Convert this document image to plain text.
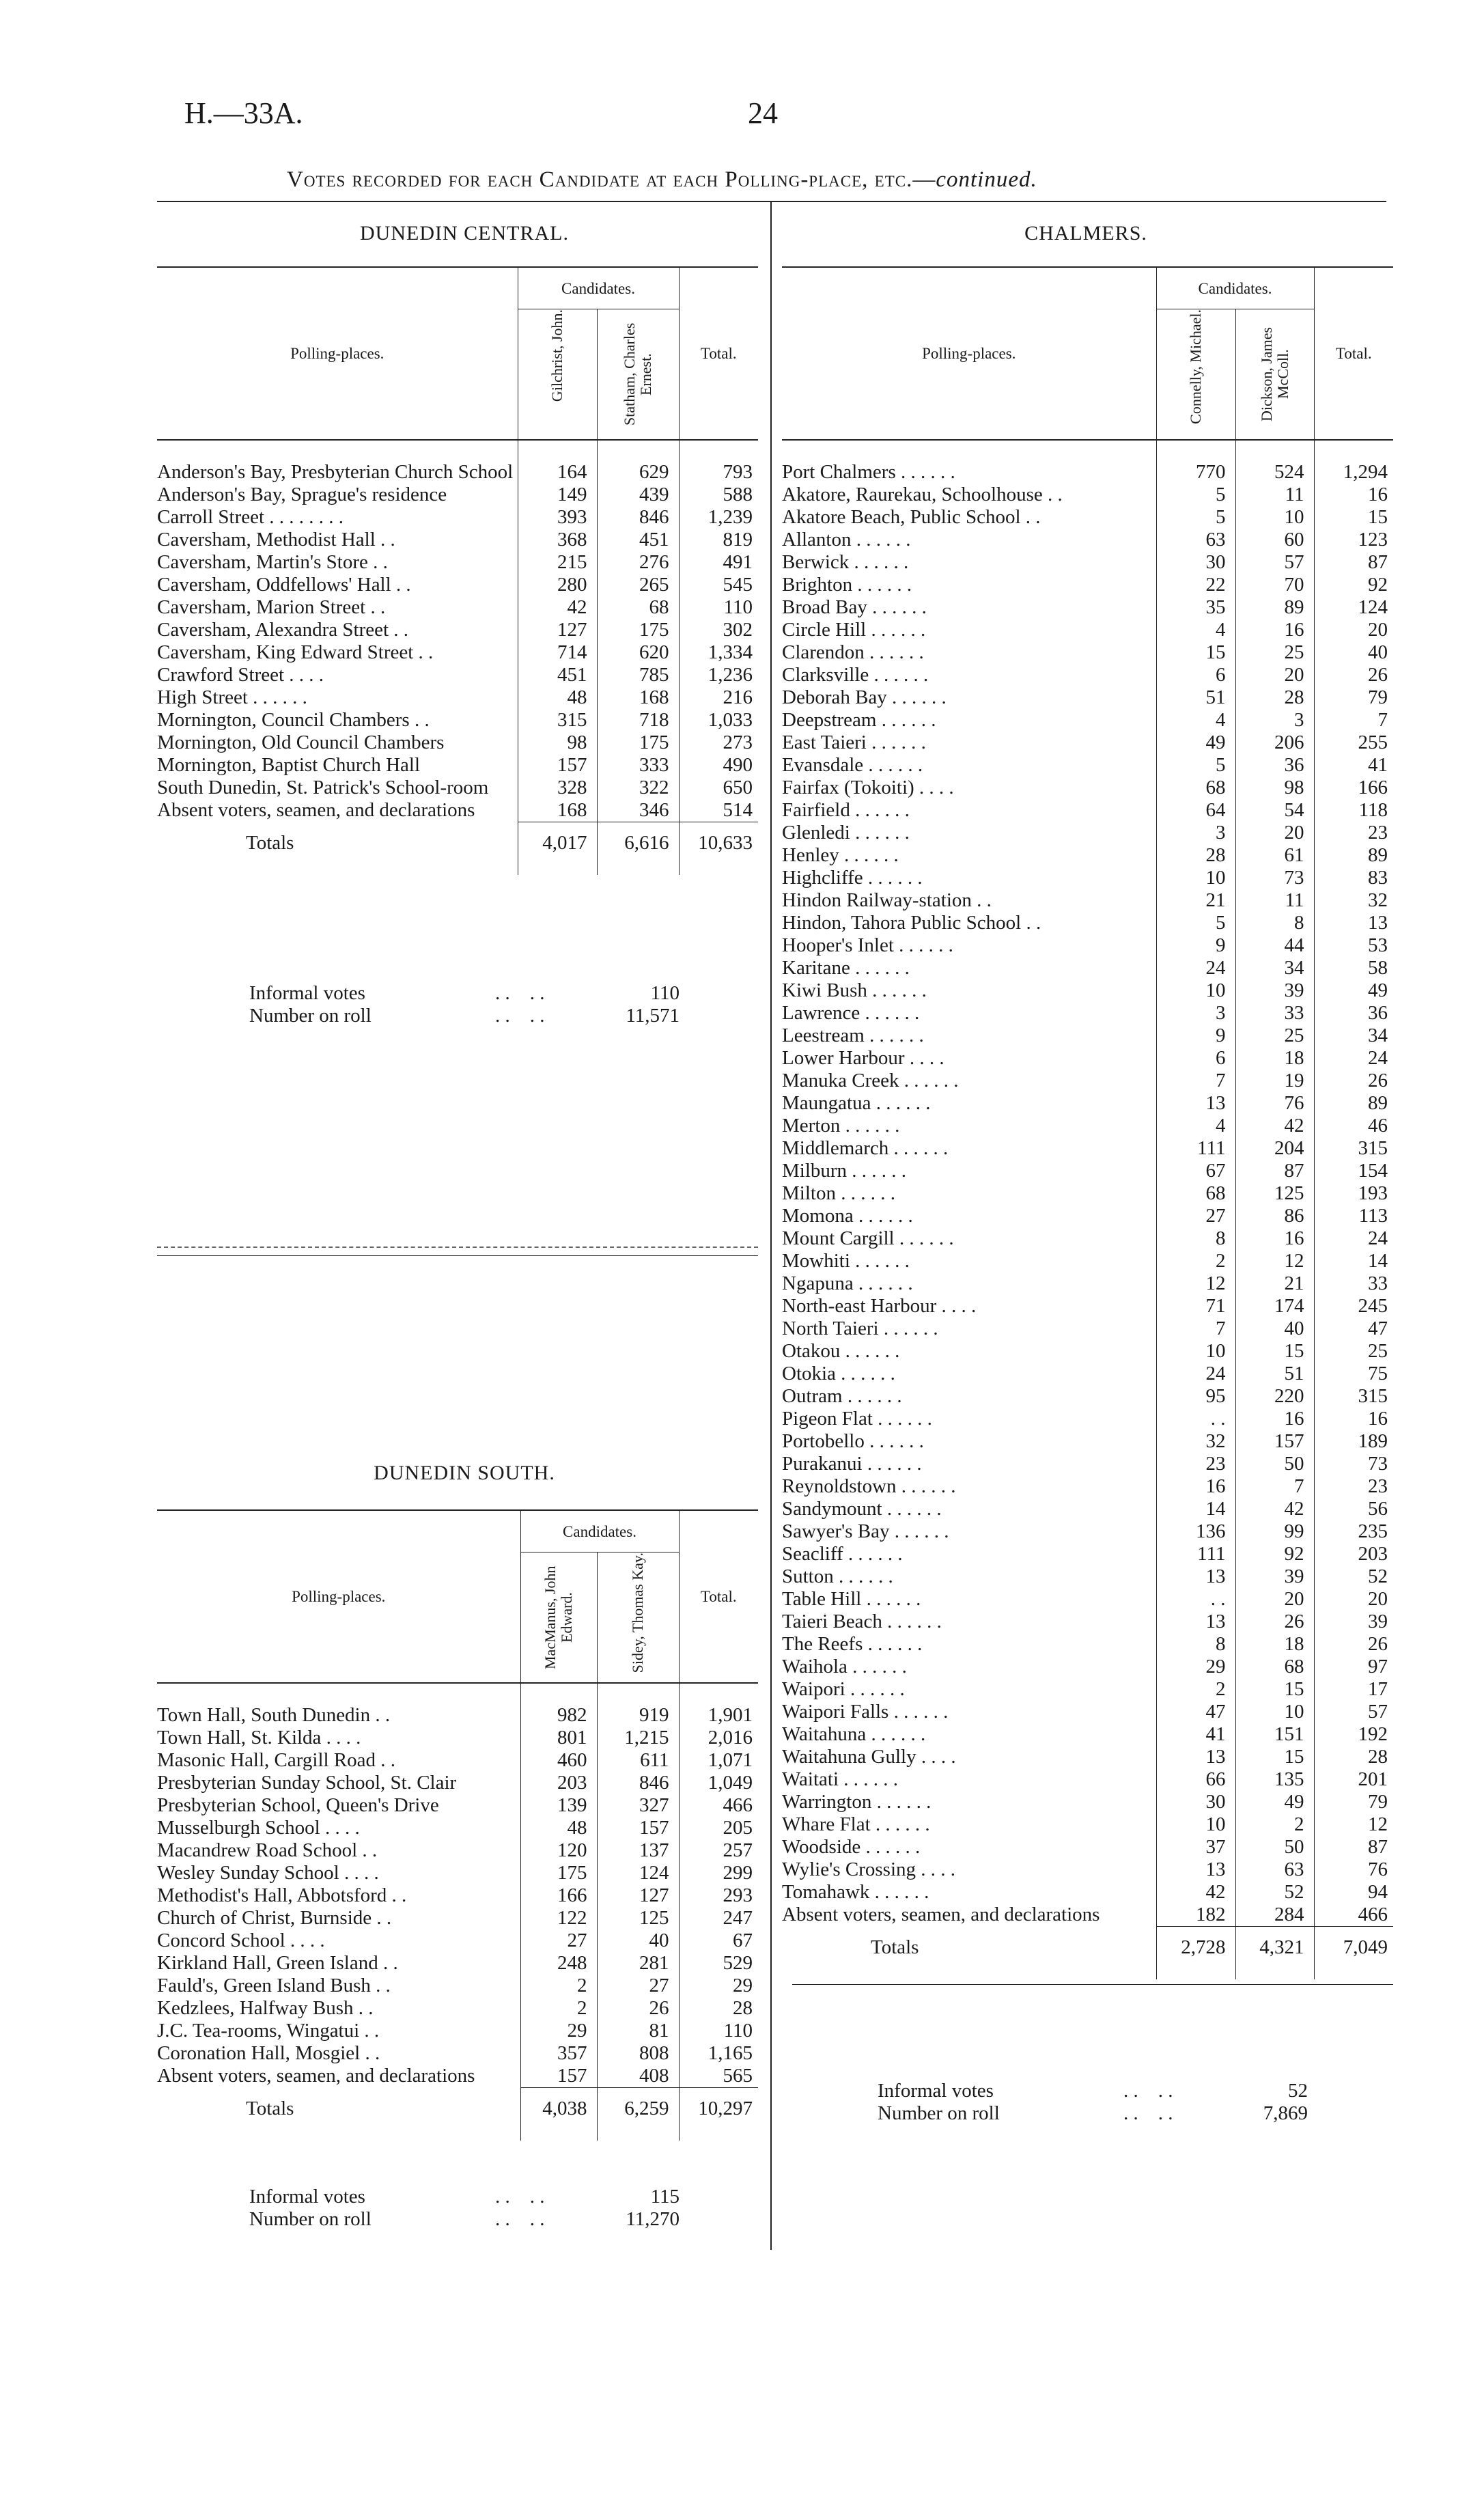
H.—33A.	24
Votes recorded for each Candidate at each Polling-place, etc.—continued.
DUNEDIN CENTRAL.
Polling-places.	Candidates.		Total.

	Gilchrist, John.	Statham, Charles Ernest.	

Anderson's Bay, Presbyterian Church School	164	629	793
Anderson's Bay, Sprague's residence	149	439	588
Carroll Street . . . . . . . .	393	846	1,239
Caversham, Methodist Hall . .	368	451	819
Caversham, Martin's Store . .	215	276	491
Caversham, Oddfellows' Hall . .	280	265	545
Caversham, Marion Street . .	42	68	110
Caversham, Alexandra Street . .	127	175	302
Caversham, King Edward Street . .	714	620	1,334
Crawford Street . . . .	451	785	1,236
High Street . . . . . .	48	168	216
Mornington, Council Chambers . .	315	718	1,033
Mornington, Old Council Chambers	98	175	273
Mornington, Baptist Church Hall	157	333	490
South Dunedin, St. Patrick's School-room	328	322	650
Absent voters, seamen, and declarations	168	346	514
Totals	4,017	6,616	10,633
Informal votes	. .    . .	110
Number on roll	. .    . .	11,571
DUNEDIN SOUTH.
Polling-places.	Candidates.		Total.

	MacManus, John Edward.	Sidey, Thomas Kay.	

Town Hall, South Dunedin . .	982	919	1,901
Town Hall, St. Kilda . . . .	801	1,215	2,016
Masonic Hall, Cargill Road . .	460	611	1,071
Presbyterian Sunday School, St. Clair	203	846	1,049
Presbyterian School, Queen's Drive	139	327	466
Musselburgh School . . . .	48	157	205
Macandrew Road School . .	120	137	257
Wesley Sunday School . . . .	175	124	299
Methodist's Hall, Abbotsford . .	166	127	293
Church of Christ, Burnside . .	122	125	247
Concord School . . . .	27	40	67
Kirkland Hall, Green Island . .	248	281	529
Fauld's, Green Island Bush . .	2	27	29
Kedzlees, Halfway Bush . .	2	26	28
J.C. Tea-rooms, Wingatui . .	29	81	110
Coronation Hall, Mosgiel . .	357	808	1,165
Absent voters, seamen, and declarations	157	408	565
Totals	4,038	6,259	10,297
Informal votes	. .    . .	115
Number on roll	. .    . .	11,270
CHALMERS.
Polling-places.	Candidates.		Total.

	Connelly, Michael.	Dickson, James McColl.	

Port Chalmers . . . . . .	770	524	1,294
Akatore, Raurekau, Schoolhouse . .	5	11	16
Akatore Beach, Public School . .	5	10	15
Allanton . . . . . .	63	60	123
Berwick . . . . . .	30	57	87
Brighton . . . . . .	22	70	92
Broad Bay . . . . . .	35	89	124
Circle Hill . . . . . .	4	16	20
Clarendon . . . . . .	15	25	40
Clarksville . . . . . .	6	20	26
Deborah Bay . . . . . .	51	28	79
Deepstream . . . . . .	4	3	7
East Taieri . . . . . .	49	206	255
Evansdale . . . . . .	5	36	41
Fairfax (Tokoiti) . . . .	68	98	166
Fairfield . . . . . .	64	54	118
Glenledi . . . . . .	3	20	23
Henley . . . . . .	28	61	89
Highcliffe . . . . . .	10	73	83
Hindon Railway-station . .	21	11	32
Hindon, Tahora Public School . .	5	8	13
Hooper's Inlet . . . . . .	9	44	53
Karitane . . . . . .	24	34	58
Kiwi Bush . . . . . .	10	39	49
Lawrence . . . . . .	3	33	36
Leestream . . . . . .	9	25	34
Lower Harbour . . . .	6	18	24
Manuka Creek . . . . . .	7	19	26
Maungatua . . . . . .	13	76	89
Merton . . . . . .	4	42	46
Middlemarch . . . . . .	111	204	315
Milburn . . . . . .	67	87	154
Milton . . . . . .	68	125	193
Momona . . . . . .	27	86	113
Mount Cargill . . . . . .	8	16	24
Mowhiti . . . . . .	2	12	14
Ngapuna . . . . . .	12	21	33
North-east Harbour . . . .	71	174	245
North Taieri . . . . . .	7	40	47
Otakou . . . . . .	10	15	25
Otokia . . . . . .	24	51	75
Outram . . . . . .	95	220	315
Pigeon Flat . . . . . .	. .	16	16
Portobello . . . . . .	32	157	189
Purakanui . . . . . .	23	50	73
Reynoldstown . . . . . .	16	7	23
Sandymount . . . . . .	14	42	56
Sawyer's Bay . . . . . .	136	99	235
Seacliff . . . . . .	111	92	203
Sutton . . . . . .	13	39	52
Table Hill . . . . . .	. .	20	20
Taieri Beach . . . . . .	13	26	39
The Reefs . . . . . .	8	18	26
Waihola . . . . . .	29	68	97
Waipori . . . . . .	2	15	17
Waipori Falls . . . . . .	47	10	57
Waitahuna . . . . . .	41	151	192
Waitahuna Gully . . . .	13	15	28
Waitati . . . . . .	66	135	201
Warrington . . . . . .	30	49	79
Whare Flat . . . . . .	10	2	12
Woodside . . . . . .	37	50	87
Wylie's Crossing . . . .	13	63	76
Tomahawk . . . . . .	42	52	94
Absent voters, seamen, and declarations	182	284	466
Totals	2,728	4,321	7,049
Informal votes	. .    . .	52
Number on roll	. .    . .	7,869
